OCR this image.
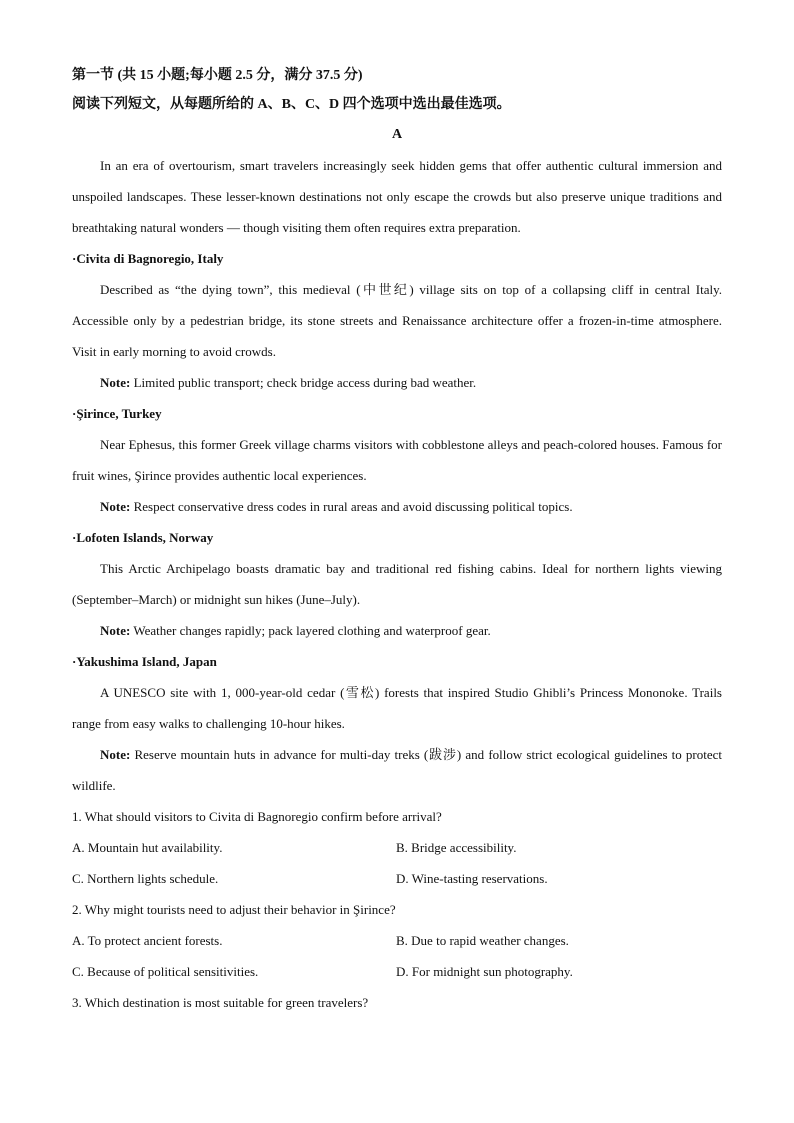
第一节 (共 15 小题;每小题 2.5 分，满分 37.5 分)
阅读下列短文，从每题所给的 A、B、C、D 四个选项中选出最佳选项。
A

In an era of overtourism, smart travelers increasingly seek hidden gems that offer authentic cultural immersion and unspoiled landscapes. These lesser-known destinations not only escape the crowds but also preserve unique traditions and breathtaking natural wonders — though visiting them often requires extra preparation.

·Civita di Bagnoregio, Italy

Described as “the dying town”, this medieval (中世纪) village sits on top of a collapsing cliff in central Italy. Accessible only by a pedestrian bridge, its stone streets and Renaissance architecture offer a frozen-in-time atmosphere. Visit in early morning to avoid crowds.

Note: Limited public transport; check bridge access during bad weather.

·Şirince, Turkey

Near Ephesus, this former Greek village charms visitors with cobblestone alleys and peach-colored houses. Famous for fruit wines, Şirince provides authentic local experiences.

Note: Respect conservative dress codes in rural areas and avoid discussing political topics.

·Lofoten Islands, Norway

This Arctic Archipelago boasts dramatic bay and traditional red fishing cabins. Ideal for northern lights viewing (September–March) or midnight sun hikes (June–July).

Note: Weather changes rapidly; pack layered clothing and waterproof gear.

·Yakushima Island, Japan

A UNESCO site with 1, 000-year-old cedar (雪松) forests that inspired Studio Ghibli’s Princess Mononoke. Trails range from easy walks to challenging 10-hour hikes.

Note: Reserve mountain huts in advance for multi-day treks (跋涉) and follow strict ecological guidelines to protect wildlife.

1. What should visitors to Civita di Bagnoregio confirm before arrival?
A. Mountain hut availability.	B. Bridge accessibility.
C. Northern lights schedule.	D. Wine-tasting reservations.
2. Why might tourists need to adjust their behavior in Şirince?
A. To protect ancient forests.	B. Due to rapid weather changes.
C. Because of political sensitivities.	D. For midnight sun photography.
3. Which destination is most suitable for green travelers?
